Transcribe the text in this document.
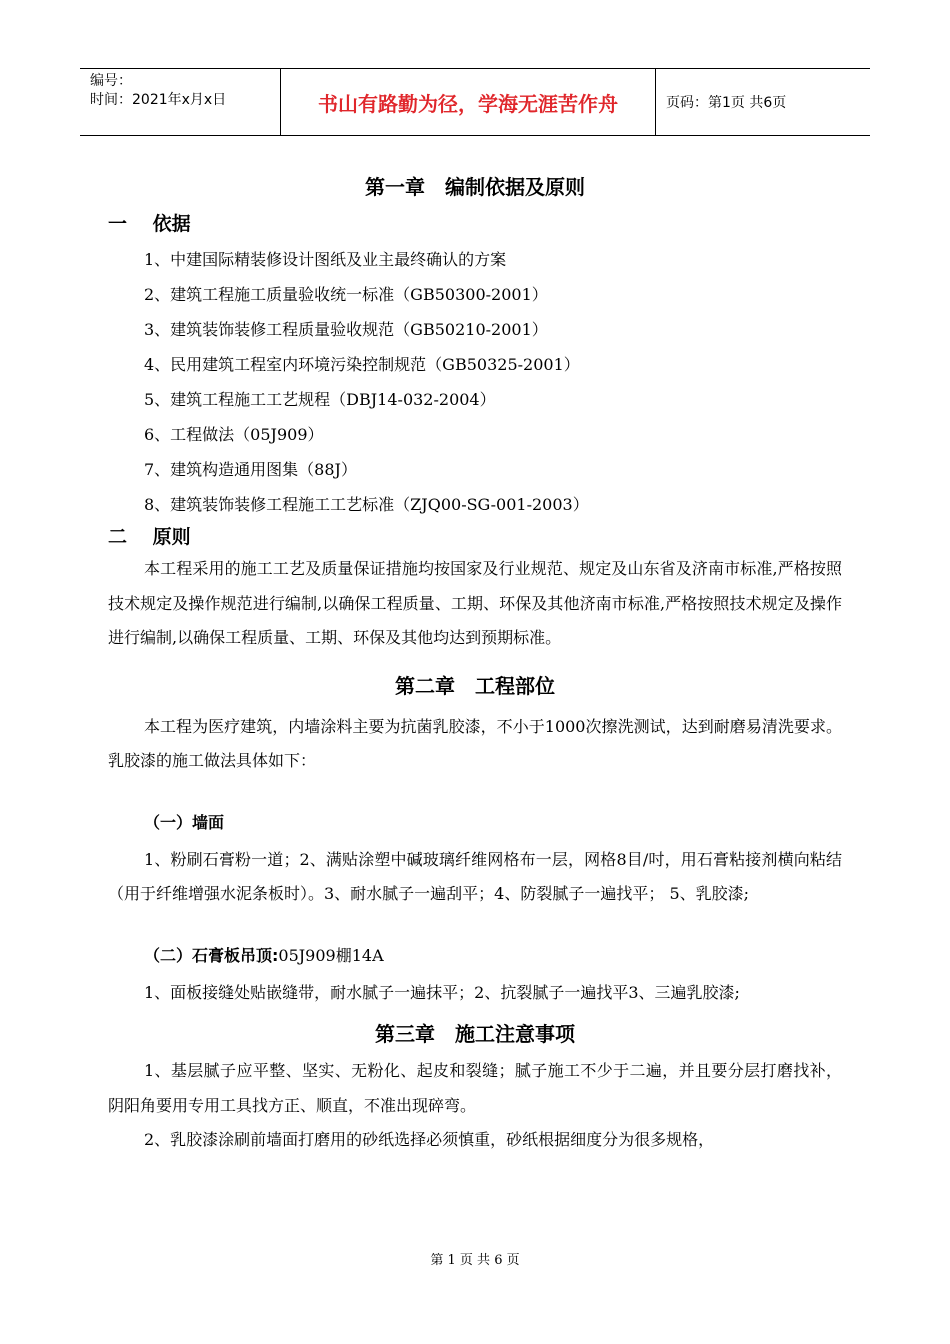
编号：
时间：2021年x月x日	书山有路勤为径，学海无涯苦作舟	页码：第1页 共6页
第一章　编制依据及原则
一　 依据
1、中建国际精装修设计图纸及业主最终确认的方案
2、建筑工程施工质量验收统一标准（GB50300-2001）
3、建筑装饰装修工程质量验收规范（GB50210-2001）
4、民用建筑工程室内环境污染控制规范（GB50325-2001）
5、建筑工程施工工艺规程（DBJ14-032-2004）
6、工程做法（05J909）
7、建筑构造通用图集（88J）
8、建筑装饰装修工程施工工艺标准（ZJQ00-SG-001-2003）
二　 原则

本工程采用的施工工艺及质量保证措施均按国家及行业规范、规定及山东省及济南市标准,严格按照技术规定及操作规范进行编制,以确保工程质量、工期、环保及其他济南市标准,严格按照技术规定及操作进行编制,以确保工程质量、工期、环保及其他均达到预期标准。

第二章　工程部位

本工程为医疗建筑，内墙涂料主要为抗菌乳胶漆，不小于1000次擦洗测试，达到耐磨易清洗要求。乳胶漆的施工做法具体如下：

（一）墙面

1、粉刷石膏粉一道；2、满贴涂塑中碱玻璃纤维网格布一层，网格8目/吋，用石膏粘接剂横向粘结（用于纤维增强水泥条板时）。3、耐水腻子一遍刮平；4、防裂腻子一遍找平； 5、乳胶漆;

（二）石膏板吊顶:05J909棚14A

1、面板接缝处贴嵌缝带，耐水腻子一遍抹平；2、抗裂腻子一遍找平3、三遍乳胶漆;

第三章　施工注意事项

1、基层腻子应平整、坚实、无粉化、起皮和裂缝；腻子施工不少于二遍，并且要分层打磨找补，阴阳角要用专用工具找方正、顺直，不准出现碎弯。

2、乳胶漆涂刷前墙面打磨用的砂纸选择必须慎重，砂纸根据细度分为很多规格，

第 1 页 共 6 页
